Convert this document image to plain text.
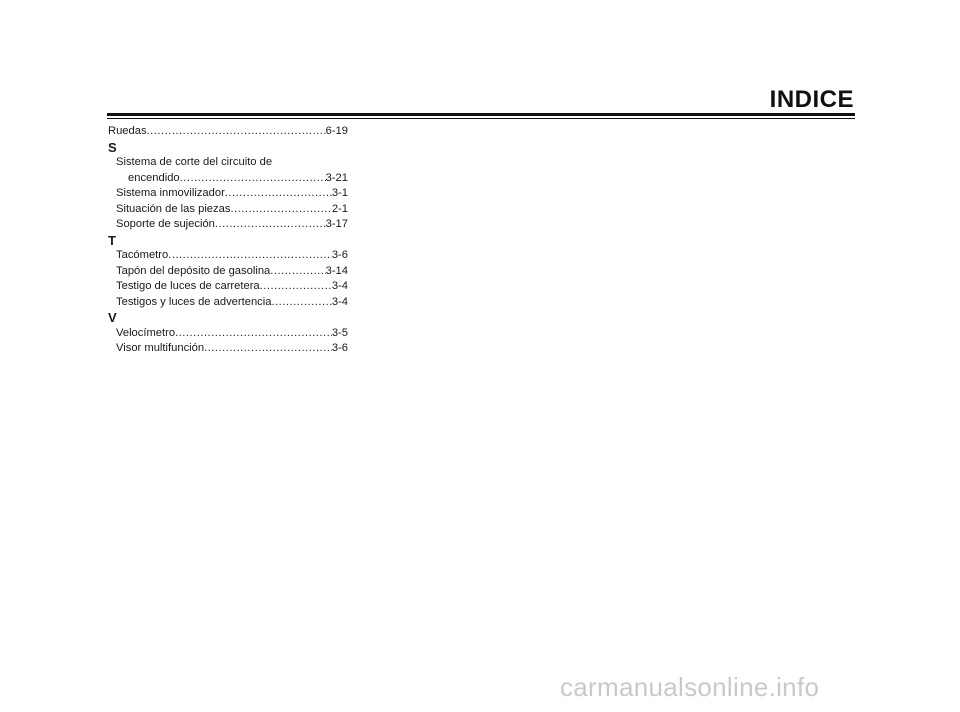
INDICE
Ruedas .....	6-19
S
Sistema de corte del circuito de
encendido .....	3-21
Sistema inmovilizador .....	3-1
Situación de las piezas .....	2-1
Soporte de sujeción .....	3-17
T
Tacómetro .....	3-6
Tapón del depósito de gasolina .....	3-14
Testigo de luces de carretera .....	3-4
Testigos y luces de advertencia .....	3-4
V
Velocímetro .....	3-5
Visor multifunción .....	3-6
carmanualsonline.info
